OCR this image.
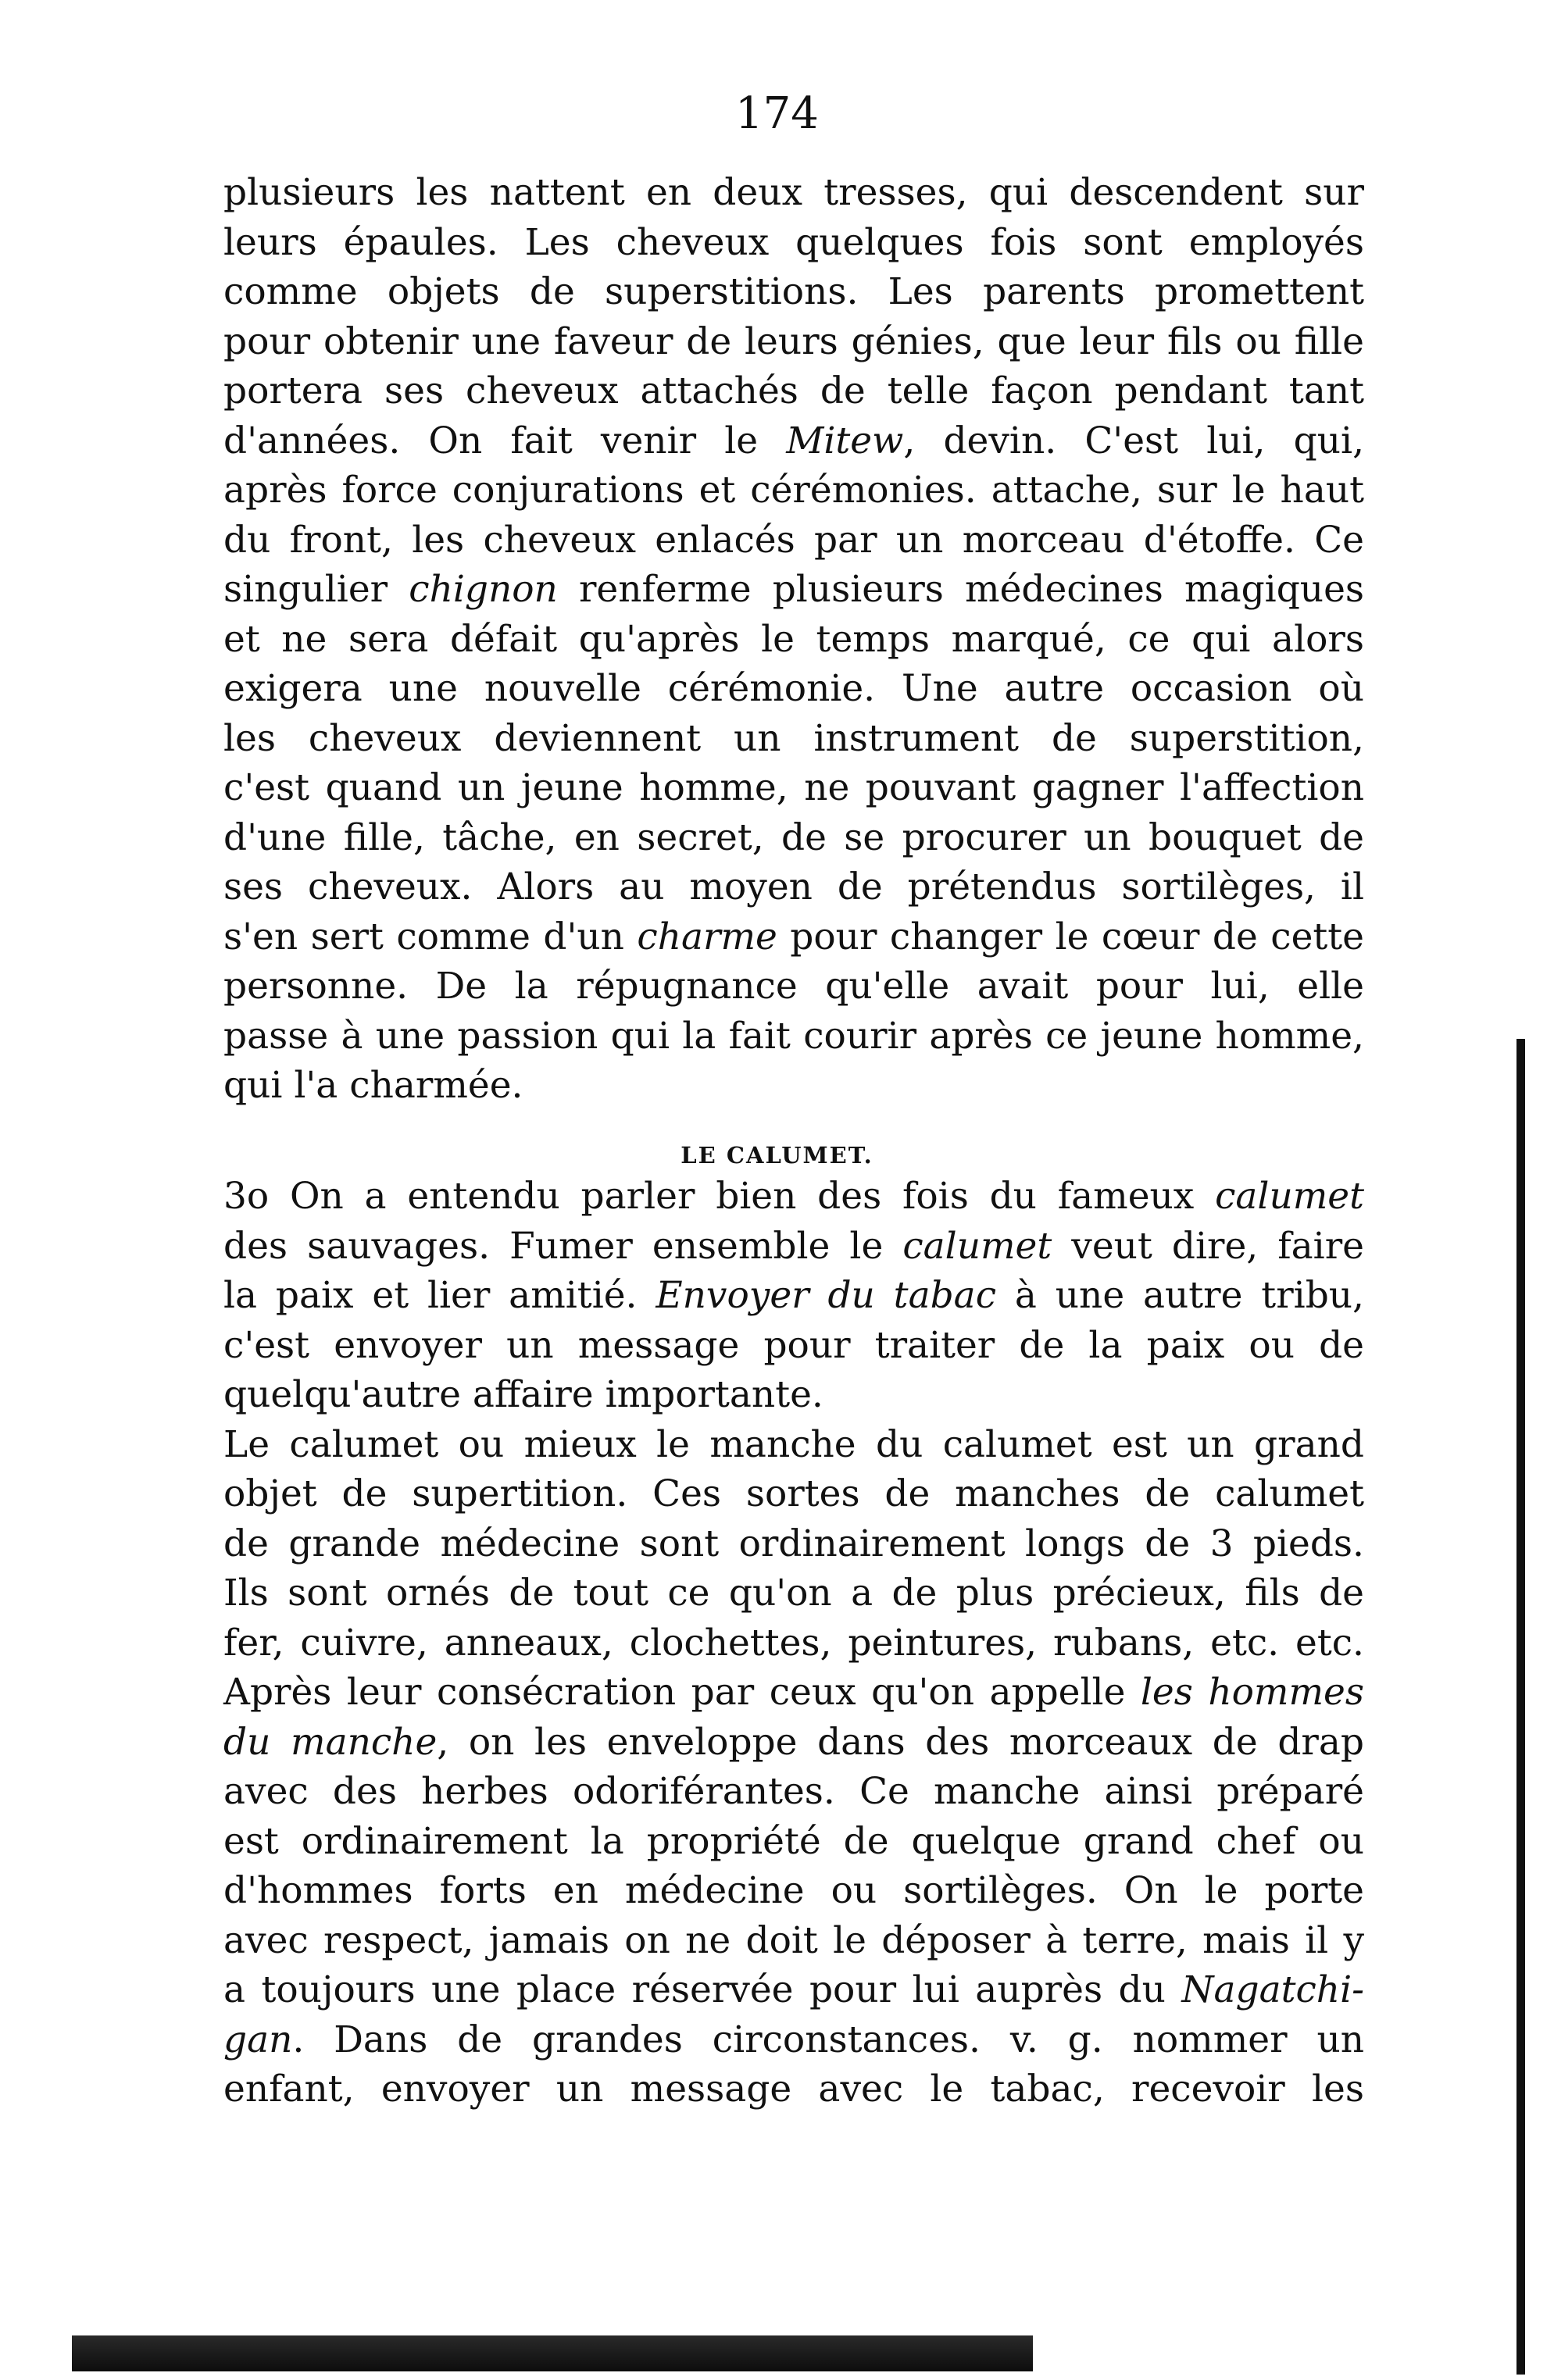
174
plusieurs les nattent en deux tresses, qui descendent sur
leurs épaules. Les cheveux quelques fois sont employés
comme objets de superstitions. Les parents promettent
pour obtenir une faveur de leurs génies, que leur fils ou fille
portera ses cheveux attachés de telle façon pendant tant
d'années. On fait venir le Mitew, devin. C'est lui, qui,
après force conjurations et cérémonies. attache, sur le haut
du front, les cheveux enlacés par un morceau d'étoffe. Ce
singulier chignon renferme plusieurs médecines magiques
et ne sera défait qu'après le temps marqué, ce qui alors
exigera une nouvelle cérémonie. Une autre occasion où
les cheveux deviennent un instrument de superstition,
c'est quand un jeune homme, ne pouvant gagner l'affection
d'une fille, tâche, en secret, de se procurer un bouquet de
ses cheveux. Alors au moyen de prétendus sortilèges, il
s'en sert comme d'un charme pour changer le cœur de cette
personne. De la répugnance qu'elle avait pour lui, elle
passe à une passion qui la fait courir après ce jeune homme,
qui l'a charmée.
LE CALUMET.
3o On a entendu parler bien des fois du fameux calumet
des sauvages. Fumer ensemble le calumet veut dire, faire
la paix et lier amitié. Envoyer du tabac à une autre tribu,
c'est envoyer un message pour traiter de la paix ou de
quelqu'autre affaire importante.
Le calumet ou mieux le manche du calumet est un grand
objet de supertition. Ces sortes de manches de calumet
de grande médecine sont ordinairement longs de 3 pieds.
Ils sont ornés de tout ce qu'on a de plus précieux, fils de
fer, cuivre, anneaux, clochettes, peintures, rubans, etc. etc.
Après leur consécration par ceux qu'on appelle les hommes
du manche, on les enveloppe dans des morceaux de drap
avec des herbes odoriférantes. Ce manche ainsi préparé
est ordinairement la propriété de quelque grand chef ou
d'hommes forts en médecine ou sortilèges. On le porte
avec respect, jamais on ne doit le déposer à terre, mais il y
a toujours une place réservée pour lui auprès du Nagatchi-
gan. Dans de grandes circonstances. v. g. nommer un
enfant, envoyer un message avec le tabac, recevoir les
